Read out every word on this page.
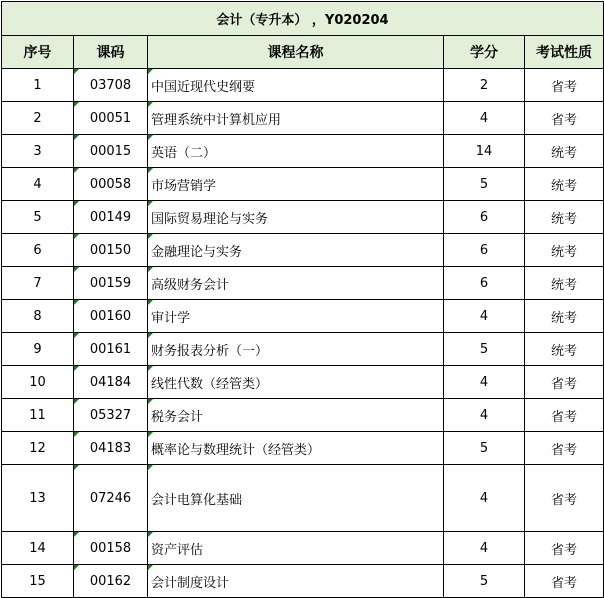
会计（专升本） ，Y020204				
序号	课码	课程名称	学分	考试性质
1	03708	中国近现代史纲要	2	省考
2	00051	管理系统中计算机应用	4	省考
3	00015	英语（二）	14	统考
4	00058	市场营销学	5	统考
5	00149	国际贸易理论与实务	6	统考
6	00150	金融理论与实务	6	统考
7	00159	高级财务会计	6	统考
8	00160	审计学	4	统考
9	00161	财务报表分析（一）	5	统考
10	04184	线性代数（经管类）	4	省考
11	05327	税务会计	4	省考
12	04183	概率论与数理统计（经管类）	5	省考
13	07246	会计电算化基础	4	省考
14	00158	资产评估	4	省考
15	00162	会计制度设计	5	省考
